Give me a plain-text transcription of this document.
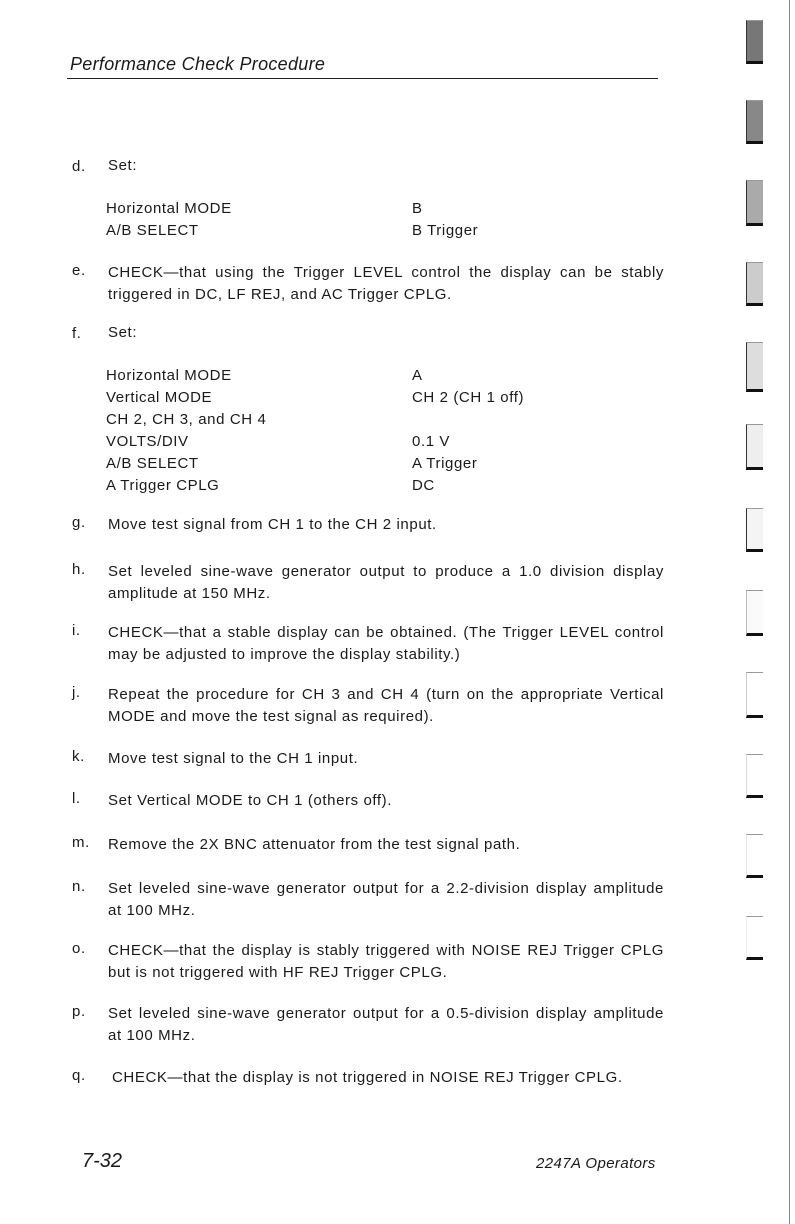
Performance Check Procedure
d. Set:
Horizontal MODE	B
A/B SELECT	B Trigger
e. CHECK—that using the Trigger LEVEL control the display can be stably triggered in DC, LF REJ, and AC Trigger CPLG.
f. Set:
Horizontal MODE	A
Vertical MODE	CH 2 (CH 1 off)
CH 2, CH 3, and CH 4
VOLTS/DIV	0.1 V
A/B SELECT	A Trigger
A Trigger CPLG	DC
g. Move test signal from CH 1 to the CH 2 input.
h. Set leveled sine-wave generator output to produce a 1.0 division display amplitude at 150 MHz.
i. CHECK—that a stable display can be obtained. (The Trigger LEVEL control may be adjusted to improve the display stability.)
j. Repeat the procedure for CH 3 and CH 4 (turn on the appropriate Vertical MODE and move the test signal as required).
k. Move test signal to the CH 1 input.
l. Set Vertical MODE to CH 1 (others off).
m. Remove the 2X BNC attenuator from the test signal path.
n. Set leveled sine-wave generator output for a 2.2-division display amplitude at 100 MHz.
o. CHECK—that the display is stably triggered with NOISE REJ Trigger CPLG but is not triggered with HF REJ Trigger CPLG.
p. Set leveled sine-wave generator output for a 0.5-division display amplitude at 100 MHz.
q. CHECK—that the display is not triggered in NOISE REJ Trigger CPLG.
7-32	2247A Operators
